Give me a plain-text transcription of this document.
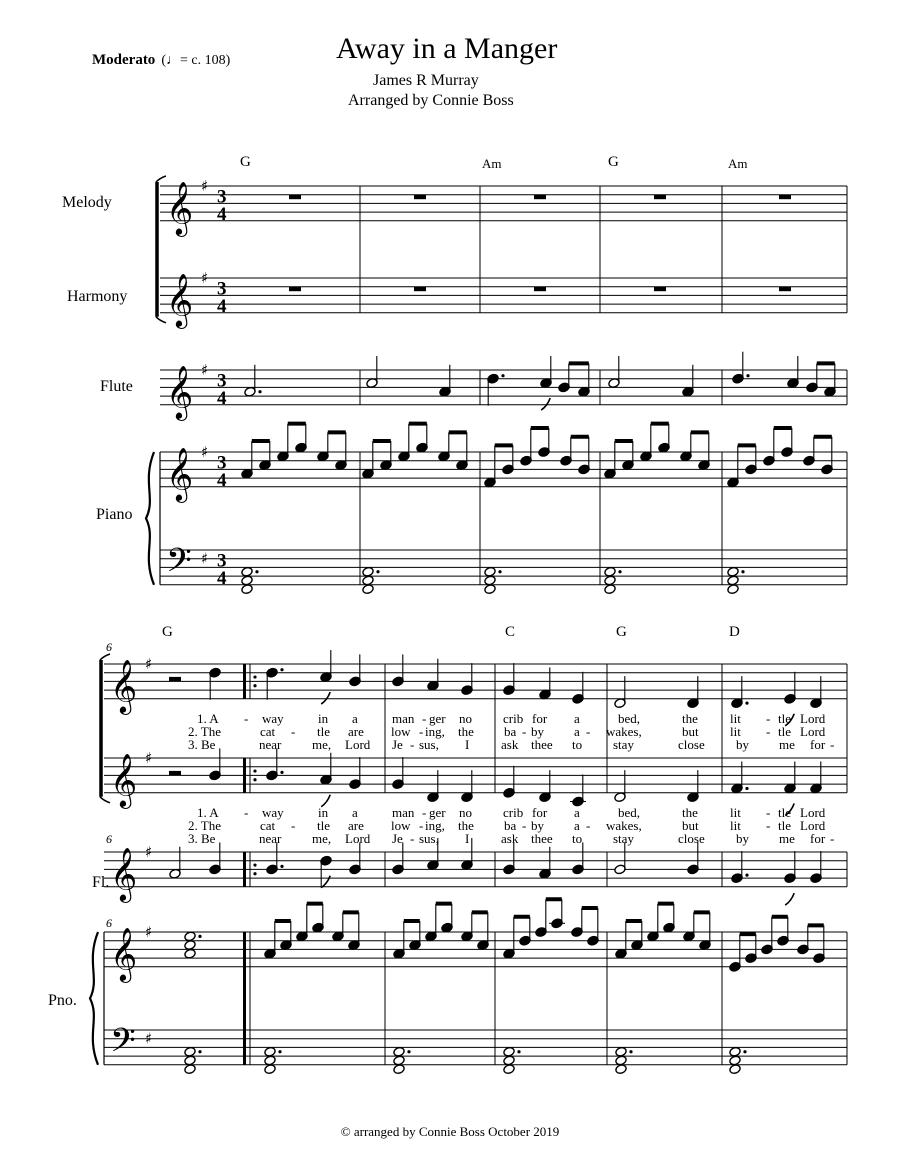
𝄞 ♯
3
4
𝄞 ♯
3
4
𝄞 ♯
3
4
𝄞 ♯
3
4
𝄢 ♯ 3
4
𝄞 ♯
𝄞 ♯
𝄞 ♯
𝄞 ♯
𝄢 ♯
Away in a Manger
James R Murray
Arranged by Connie Boss
Moderato (♩= c. 108)
Melody
Harmony
Flute
Piano
Fl.
Pno.
G	Am	G	Am
G	C	G	D
6
6
6
1. A - way	in a	man - ger no crib for a	bed,	the lit - tle Lord
2. The	cat - tle are low - ing, the ba - by a - wakes,	but lit - tle Lord
3. Be	near me, Lord Je - sus, I ask thee to stay	close by me for -
1. A - way	in a	man - ger no crib for a	bed,	the lit - tle Lord
2. The	cat - tle are low - ing, the ba - by a - wakes,	but lit - tle Lord
3. Be	near me, Lord Je - sus, I ask thee to stay	close by me for -
© arranged by Connie Boss October 2019
